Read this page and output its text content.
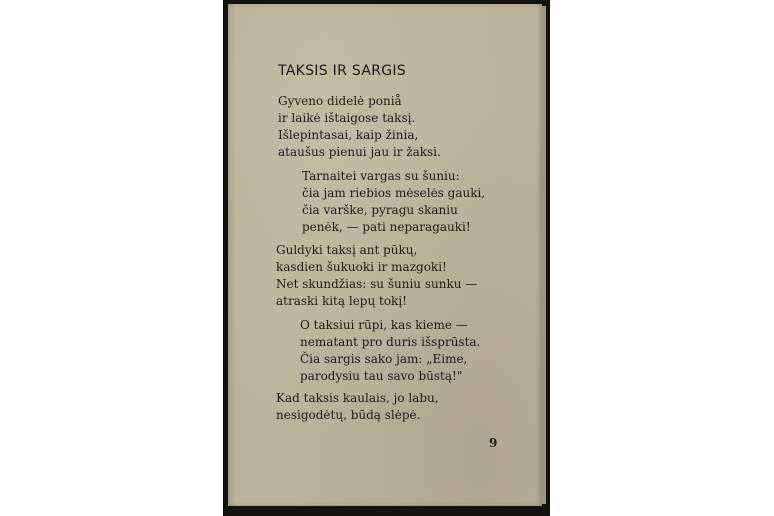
TAKSIS IR SARGIS
Gyveno didelė poniå
ir laikė ištaigose taksį.
Išlepintasai, kaip žinia,
ataušus pienui jau ir žaksi.
Tarnaitei vargas su šuniu:
čia jam riebios mėselės gauki,
čia varške, pyragu skaniu
penėk, — pati neparagauki!
Guldyki taksį ant pūkų,
kasdien šukuoki ir mazgoki!
Net skundžias: su šuniu sunku —
atraski kitą lepų tokį!
O taksiui rūpi, kas kieme —
nematant pro duris išsprūsta.
Čia sargis sako jam: „Eime,
parodysiu tau savo būstą!"
Kad taksis kaulais, jo labu,
nesigodėtų, būdą slėpė.
9
